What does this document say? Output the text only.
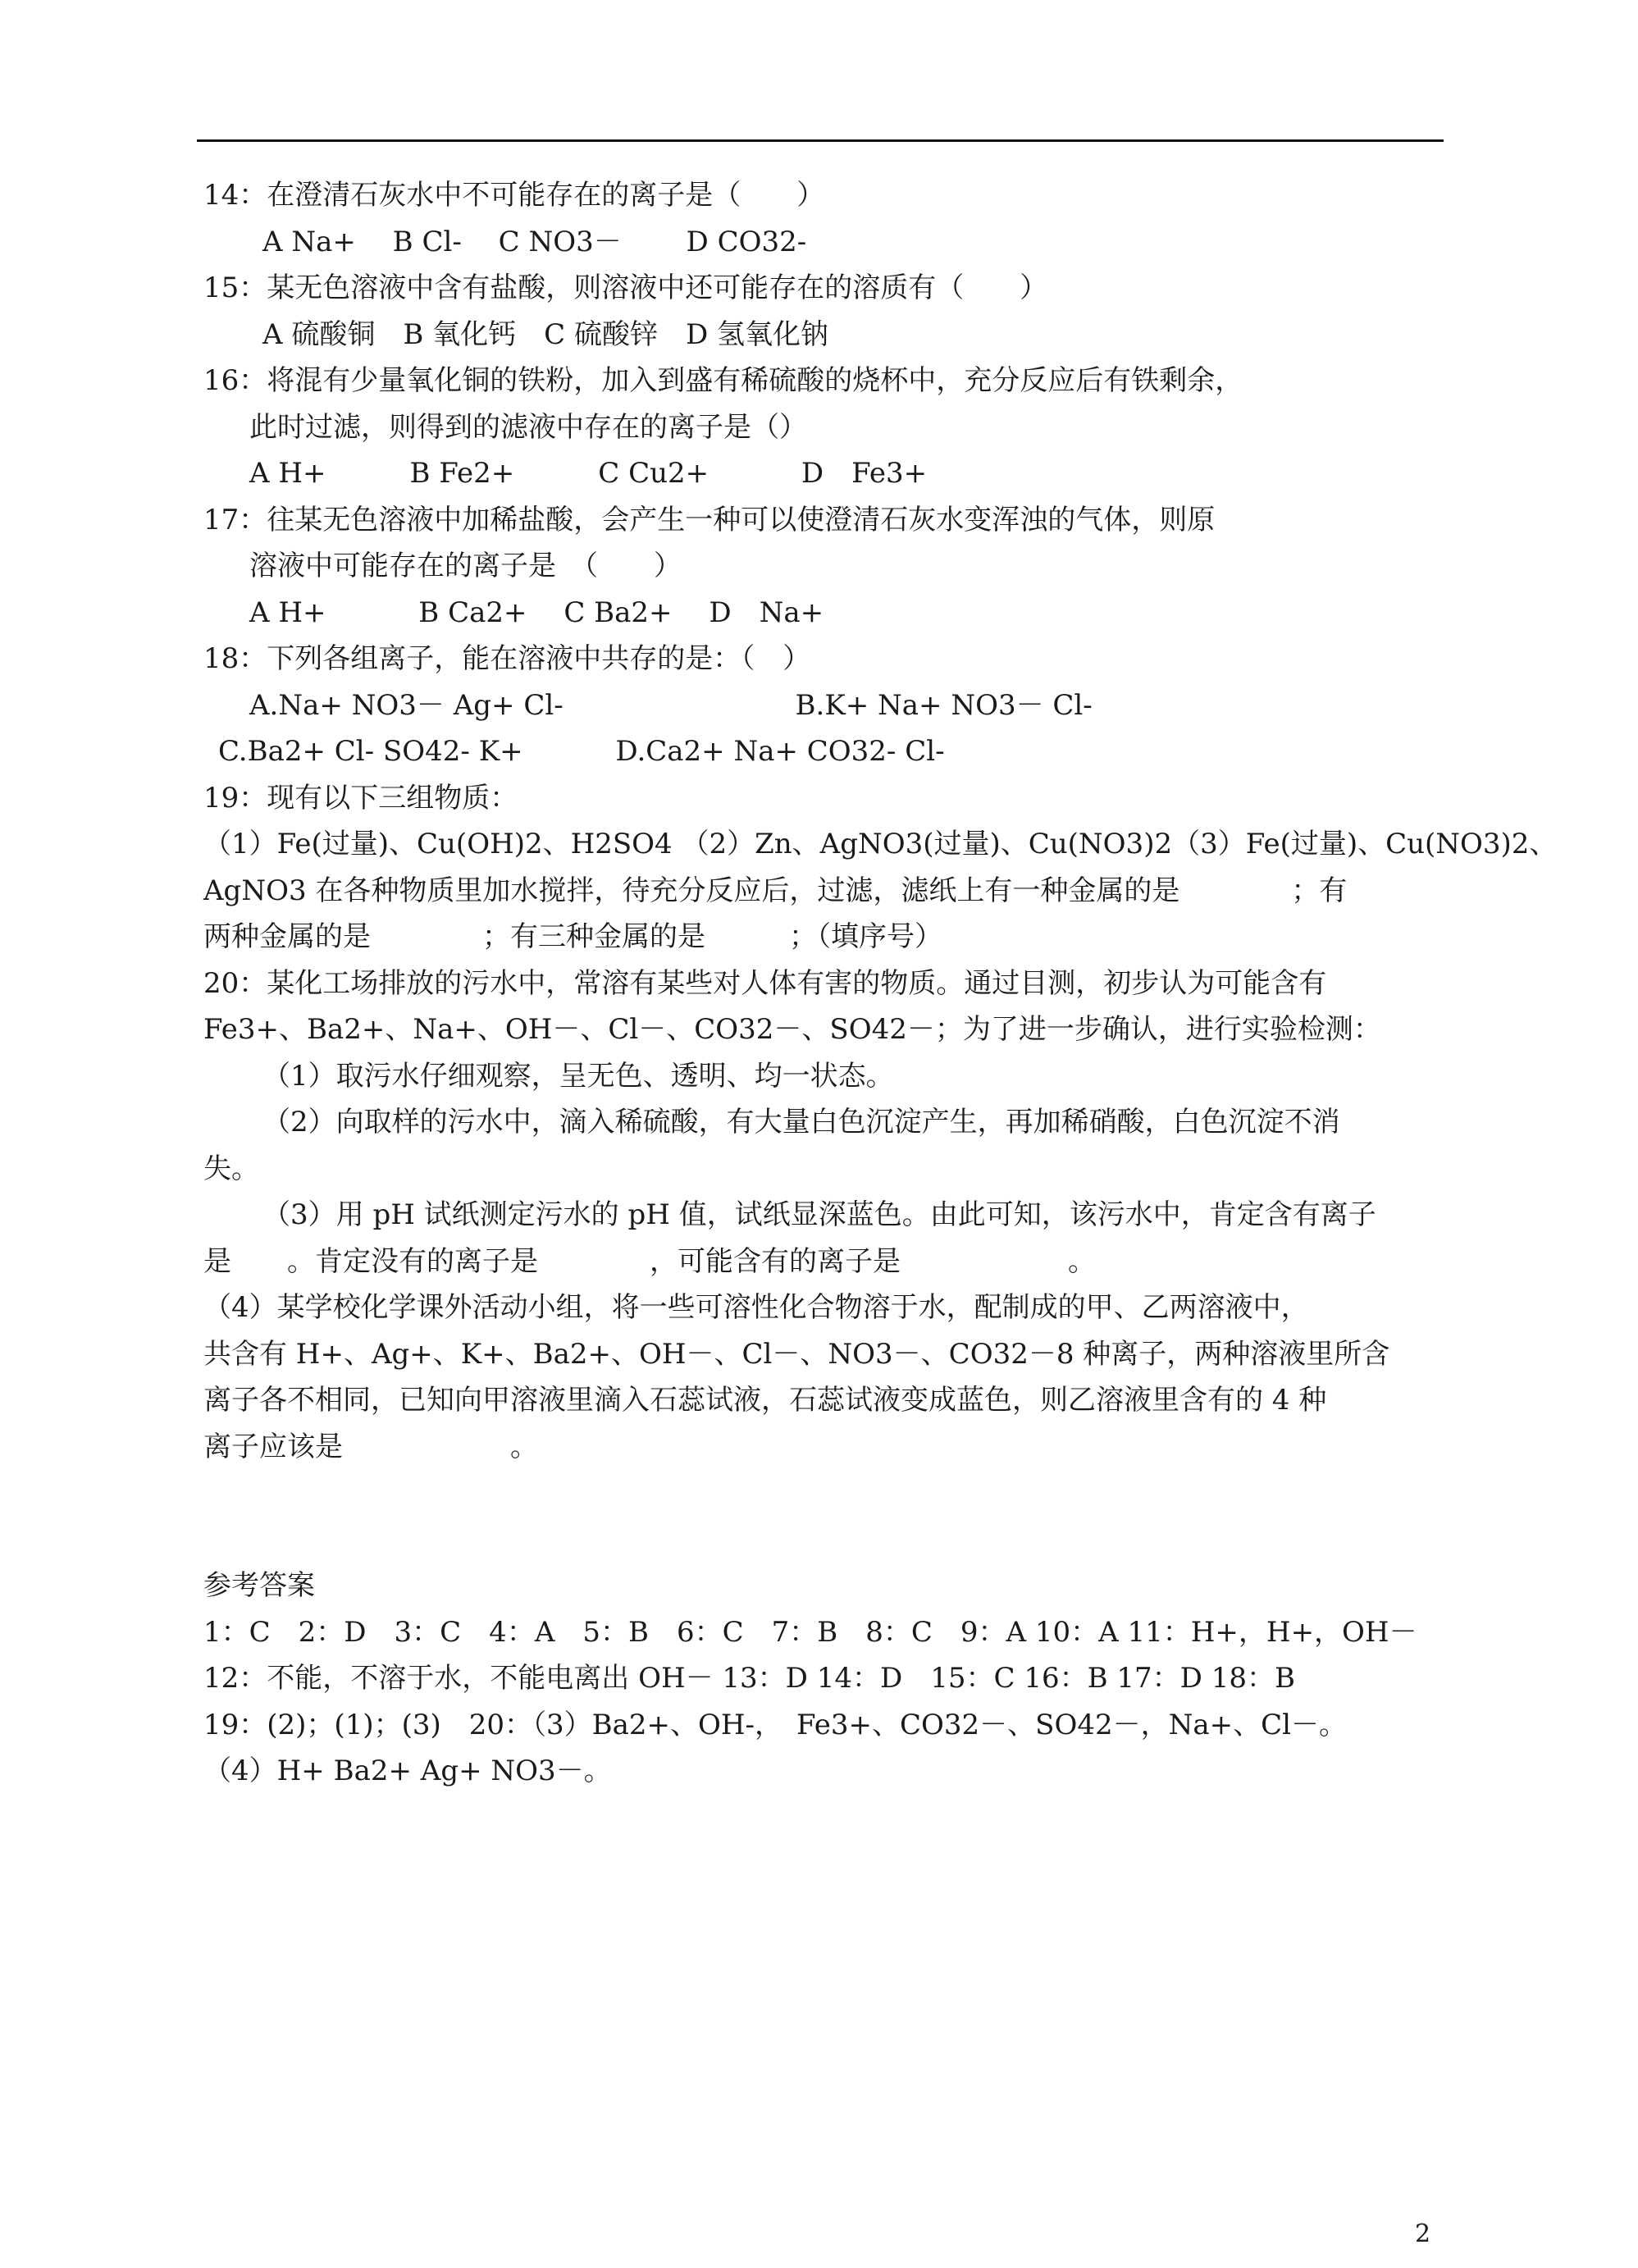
14：在澄清石灰水中不可能存在的离子是（　　）

A Na+　 B Cl-　 C NO3－　　 D CO32-

15：某无色溶液中含有盐酸，则溶液中还可能存在的溶质有（　　）

A 硫酸铜　B 氧化钙　C 硫酸锌　D 氢氧化钠

16：将混有少量氧化铜的铁粉，加入到盛有稀硫酸的烧杯中，充分反应后有铁剩余，

此时过滤，则得到的滤液中存在的离子是（）

A H+　　　B Fe2+　　　C Cu2+　　　 D　Fe3+

17：往某无色溶液中加稀盐酸，会产生一种可以使澄清石灰水变浑浊的气体，则原

溶液中可能存在的离子是　（　　）

A H+　　　 B Ca2+　 C Ba2+　 D　Na+

18：下列各组离子，能在溶液中共存的是：（　）

A.Na+ NO3－ Ag+ Cl-　　　　　　　　 B.K+ Na+ NO3－ Cl-

C.Ba2+ Cl- SO42- K+　　　 D.Ca2+ Na+ CO32- Cl-

19：现有以下三组物质：

（1）Fe(过量)、Cu(OH)2、H2SO4 （2）Zn、AgNO3(过量)、Cu(NO3)2（3）Fe(过量)、Cu(NO3)2、

AgNO3 在各种物质里加水搅拌，待充分反应后，过滤，滤纸上有一种金属的是　　　　；有

两种金属的是　　　　；有三种金属的是　　　；（填序号）

20：某化工场排放的污水中，常溶有某些对人体有害的物质。通过目测，初步认为可能含有

Fe3+、Ba2+、Na+、OH－、Cl－、CO32－、SO42－；为了进一步确认，进行实验检测：

（1）取污水仔细观察，呈无色、透明、均一状态。

（2）向取样的污水中，滴入稀硫酸，有大量白色沉淀产生，再加稀硝酸，白色沉淀不消

失。

（3）用 pH 试纸测定污水的 pH 值，试纸显深蓝色。由此可知，该污水中，肯定含有离子

是　　。肯定没有的离子是　　　　，可能含有的离子是　　　　　　。

（4）某学校化学课外活动小组，将一些可溶性化合物溶于水，配制成的甲、乙两溶液中，

共含有 H+、Ag+、K+、Ba2+、OH－、Cl－、NO3－、CO32－8 种离子，两种溶液里所含

离子各不相同，已知向甲溶液里滴入石蕊试液，石蕊试液变成蓝色，则乙溶液里含有的 4 种

离子应该是　　　　　　。

参考答案

1：C　2：D　3：C　4：A　5：B　6：C　7：B　8：C　9：A 10：A 11：H+，H+，OH－

12：不能，不溶于水，不能电离出 OH－ 13：D 14：D　15：C 16：B 17：D 18：B

19：(2)；(1)；(3)　20：（3）Ba2+、OH-，　Fe3+、CO32－、SO42－，Na+、Cl－。

（4）H+ Ba2+ Ag+ NO3－。

2
